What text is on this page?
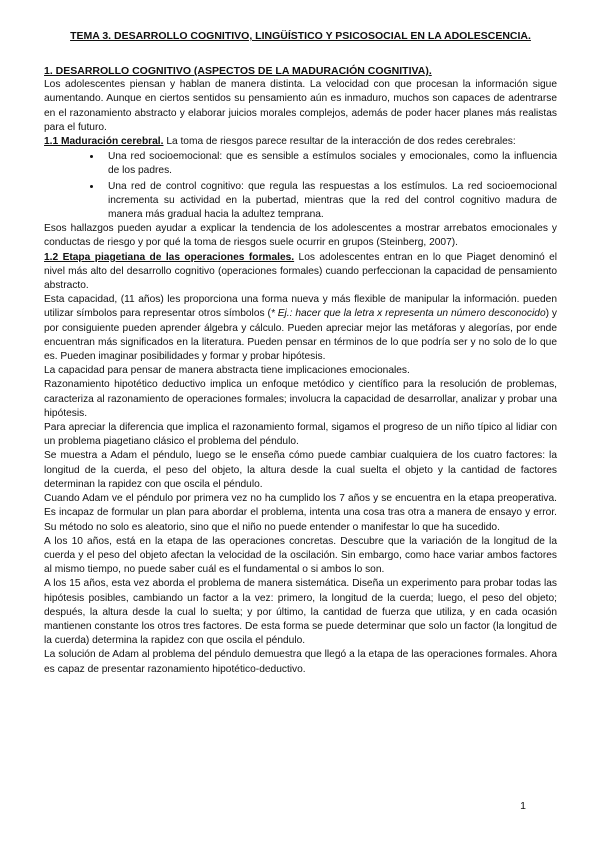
TEMA 3. DESARROLLO COGNITIVO, LINGÜÍSTICO Y PSICOSOCIAL EN LA ADOLESCENCIA.
1. DESARROLLO COGNITIVO (ASPECTOS DE LA MADURACIÓN COGNITIVA).

Los adolescentes piensan y hablan de manera distinta. La velocidad con que procesan la información sigue aumentando. Aunque en ciertos sentidos su pensamiento aún es inmaduro, muchos son capaces de adentrarse en el razonamiento abstracto y elaborar juicios morales complejos, además de poder hacer planes más realistas para el futuro.

1.1 Maduración cerebral. La toma de riesgos parece resultar de la interacción de dos redes cerebrales:

• Una red socioemocional: que es sensible a estímulos sociales y emocionales, como la influencia de los padres.
• Una red de control cognitivo: que regula las respuestas a los estímulos. La red socioemocional incrementa su actividad en la pubertad, mientras que la red del control cognitivo madura de manera más gradual hacia la adultez temprana.

Esos hallazgos pueden ayudar a explicar la tendencia de los adolescentes a mostrar arrebatos emocionales y conductas de riesgo y por qué la toma de riesgos suele ocurrir en grupos (Steinberg, 2007).

1.2 Etapa piagetiana de las operaciones formales. Los adolescentes entran en lo que Piaget denominó el nivel más alto del desarrollo cognitivo (operaciones formales) cuando perfeccionan la capacidad de pensamiento abstracto.

Esta capacidad, (11 años) les proporciona una forma nueva y más flexible de manipular la información. pueden utilizar símbolos para representar otros símbolos (* Ej.: hacer que la letra x representa un número desconocido) y por consiguiente pueden aprender álgebra y cálculo. Pueden apreciar mejor las metáforas y alegorías, por ende encuentran más significados en la literatura. Pueden pensar en términos de lo que podría ser y no solo de lo que es. Pueden imaginar posibilidades y formar y probar hipótesis.

La capacidad para pensar de manera abstracta tiene implicaciones emocionales.

Razonamiento hipotético deductivo implica un enfoque metódico y científico para la resolución de problemas, caracteriza al razonamiento de operaciones formales; involucra la capacidad de desarrollar, analizar y probar una hipótesis.

Para apreciar la diferencia que implica el razonamiento formal, sigamos el progreso de un niño típico al lidiar con un problema piagetiano clásico el problema del péndulo.

Se muestra a Adam el péndulo, luego se le enseña cómo puede cambiar cualquiera de los cuatro factores: la longitud de la cuerda, el peso del objeto, la altura desde la cual suelta el objeto y la cantidad de factores determinan la rapidez con que oscila el péndulo.

Cuando Adam ve el péndulo por primera vez no ha cumplido los 7 años y se encuentra en la etapa preoperativa. Es incapaz de formular un plan para abordar el problema, intenta una cosa tras otra a manera de ensayo y error. Su método no solo es aleatorio, sino que el niño no puede entender o manifestar lo que ha sucedido.

A los 10 años, está en la etapa de las operaciones concretas. Descubre que la variación de la longitud de la cuerda y el peso del objeto afectan la velocidad de la oscilación. Sin embargo, como hace variar ambos factores al mismo tiempo, no puede saber cuál es el fundamental o si ambos lo son.

A los 15 años, esta vez aborda el problema de manera sistemática. Diseña un experimento para probar todas las hipótesis posibles, cambiando un factor a la vez: primero, la longitud de la cuerda; luego, el peso del objeto; después, la altura desde la cual lo suelta; y por último, la cantidad de fuerza que utiliza, y en cada ocasión mantienen constante los otros tres factores. De esta forma se puede determinar que solo un factor (la longitud de la cuerda) determina la rapidez con que oscila el péndulo.

La solución de Adam al problema del péndulo demuestra que llegó a la etapa de las operaciones formales. Ahora es capaz de presentar razonamiento hipotético-deductivo.

1
